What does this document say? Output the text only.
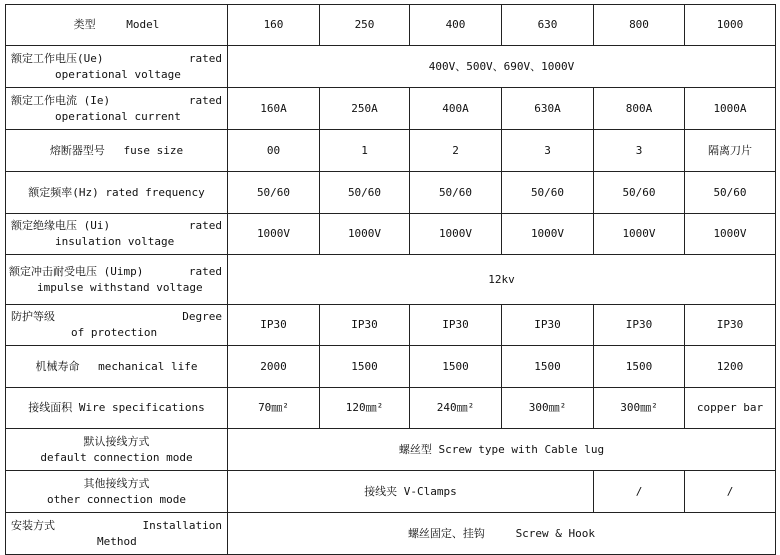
类型 Model	160	250	400	630	800	1000

额定工作电压(Ue) rated
operational voltage	400V、500V、690V、1000V					

额定工作电流 (Ie) rated
operational current	160A	250A	400A	630A	800A	1000A
熔断器型号 fuse size	00	1	2	3	3	隔离刀片
额定频率(Hz) rated frequency	50/60	50/60	50/60	50/60	50/60	50/60

额定绝缘电压 (Ui) rated
insulation voltage	1000V	1000V	1000V	1000V	1000V	1000V

额定冲击耐受电压 (Uimp) rated
impulse withstand voltage	12kv					

防护等级 Degree
of protection	IP30	IP30	IP30	IP30	IP30	IP30
机械寿命 mechanical life	2000	1500	1500	1500	1500	1200
接线面积 Wire specifications	70㎜²	120㎜²	240㎜²	300㎜²	300㎜²	copper bar

默认接线方式
default connection mode	螺丝型 Screw type with Cable lug					

其他接线方式
other connection mode	接线夹 V-Clamps				/	/

安装方式 Installation
Method	螺丝固定、挂钩 Screw & Hook					
